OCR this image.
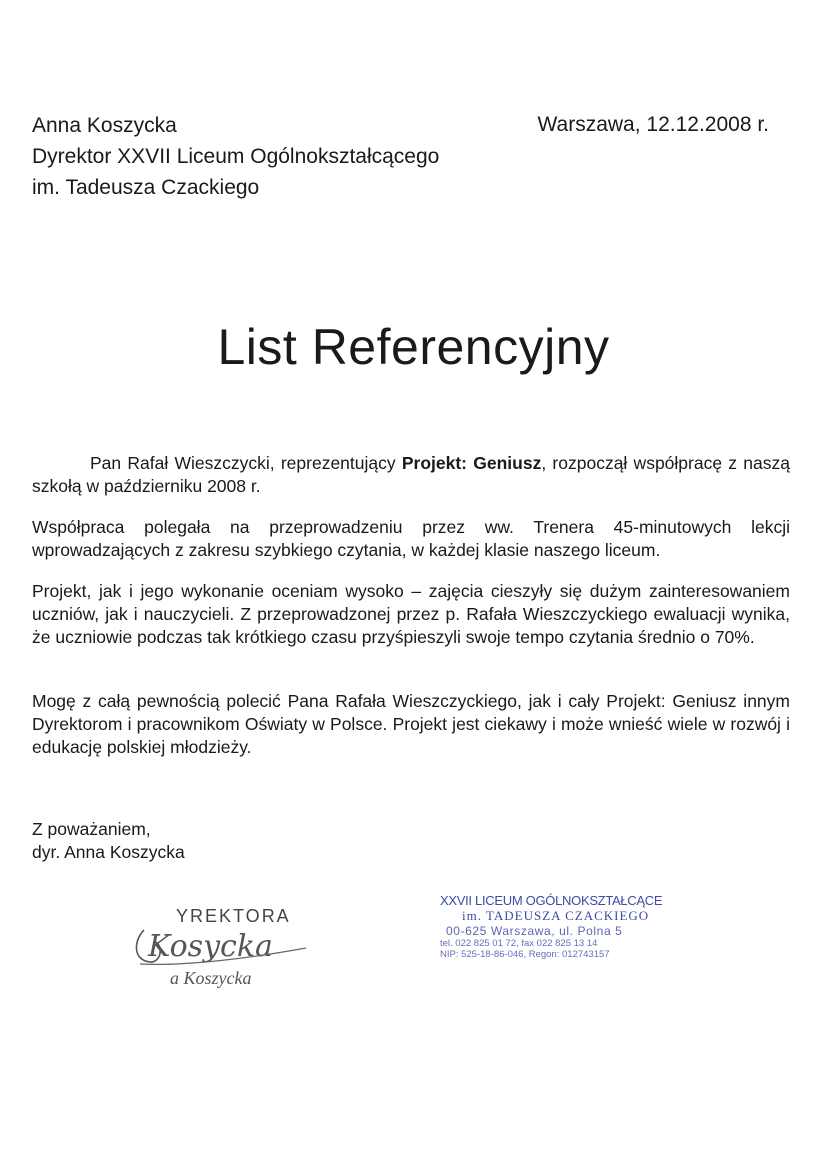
Anna Koszycka
Dyrektor XXVII Liceum Ogólnokształcącego
im. Tadeusza Czackiego
Warszawa, 12.12.2008 r.
List Referencyjny

Pan Rafał Wieszczycki, reprezentujący Projekt: Geniusz, rozpoczął współpracę z naszą szkołą w październiku 2008 r.

Współpraca polegała na przeprowadzeniu przez ww. Trenera 45-minutowych lekcji wprowadzających z zakresu szybkiego czytania, w każdej klasie naszego liceum.

Projekt, jak i jego wykonanie oceniam wysoko – zajęcia cieszyły się dużym zainteresowaniem uczniów, jak i nauczycieli. Z przeprowadzonej przez p. Rafała Wieszczyckiego ewaluacji wynika, że uczniowie podczas tak krótkiego czasu przyśpieszyli swoje tempo czytania średnio o 70%.

Mogę z całą pewnością polecić Pana Rafała Wieszczyckiego, jak i cały Projekt: Geniusz innym Dyrektorom i pracownikom Oświaty w Polsce. Projekt jest ciekawy i może wnieść wiele w rozwój i edukację polskiej młodzieży.

Z poważaniem,
dyr. Anna Koszycka
YREKTORA
Kosycka
a Koszycka
XXVII LICEUM OGÓLNOKSZTAŁCĄCE
im. TADEUSZA CZACKIEGO
00-625 Warszawa, ul. Polna 5
tel. 022 825 01 72, fax 022 825 13 14
NIP: 525-18-86-046, Regon: 012743157
